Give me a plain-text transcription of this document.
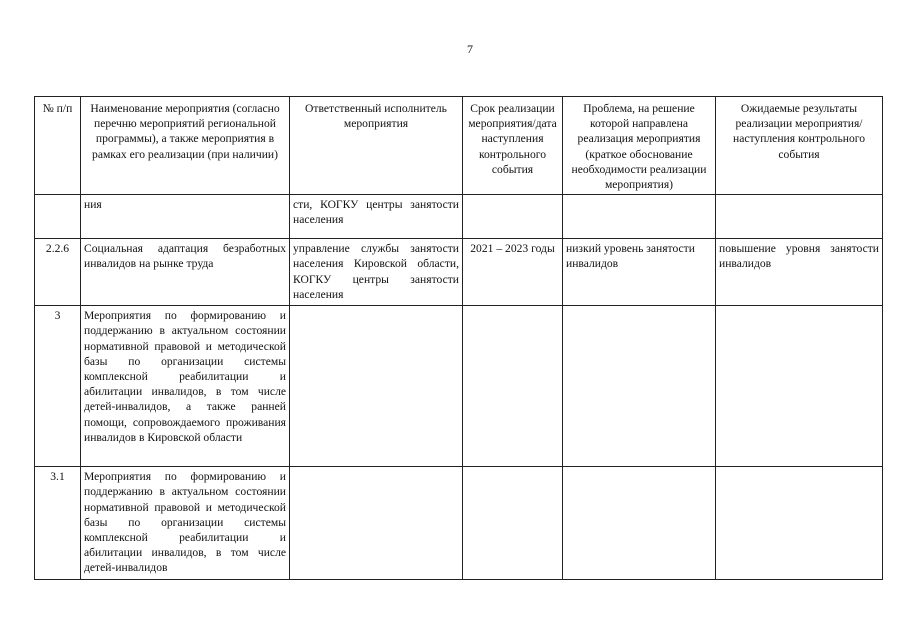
7
№ п/п	Наименование мероприятия (согласно перечню мероприятий региональной программы), а также мероприятия в рамках его реализации (при наличии)	Ответственный исполнитель мероприятия	Срок реализации мероприятия/дата наступления контрольного события	Проблема, на решение которой направлена реализация мероприятия (краткое обоснование необходимости реализации мероприятия)	Ожидаемые результаты реализации мероприятия/наступления контрольного события
	ния	сти, КОГКУ центры занятости населения			
2.2.6	Социальная адаптация безработных инвалидов на рынке труда	управление службы занятости населения Кировской области, КОГКУ центры занятости населения	2021 – 2023 годы	низкий уровень занятости инвалидов	повышение уровня занятости инвалидов
3	Мероприятия по формированию и поддержанию в актуальном состоянии нормативной правовой и методической базы по организации системы комплексной реабилитации и абилитации инвалидов, в том числе детей-инвалидов, а также ранней помощи, сопровождаемого проживания инвалидов в Кировской области				
3.1	Мероприятия по формированию и поддержанию в актуальном состоянии нормативной правовой и методической базы по организации системы комплексной реабилитации и абилитации инвалидов, в том числе детей-инвалидов				
